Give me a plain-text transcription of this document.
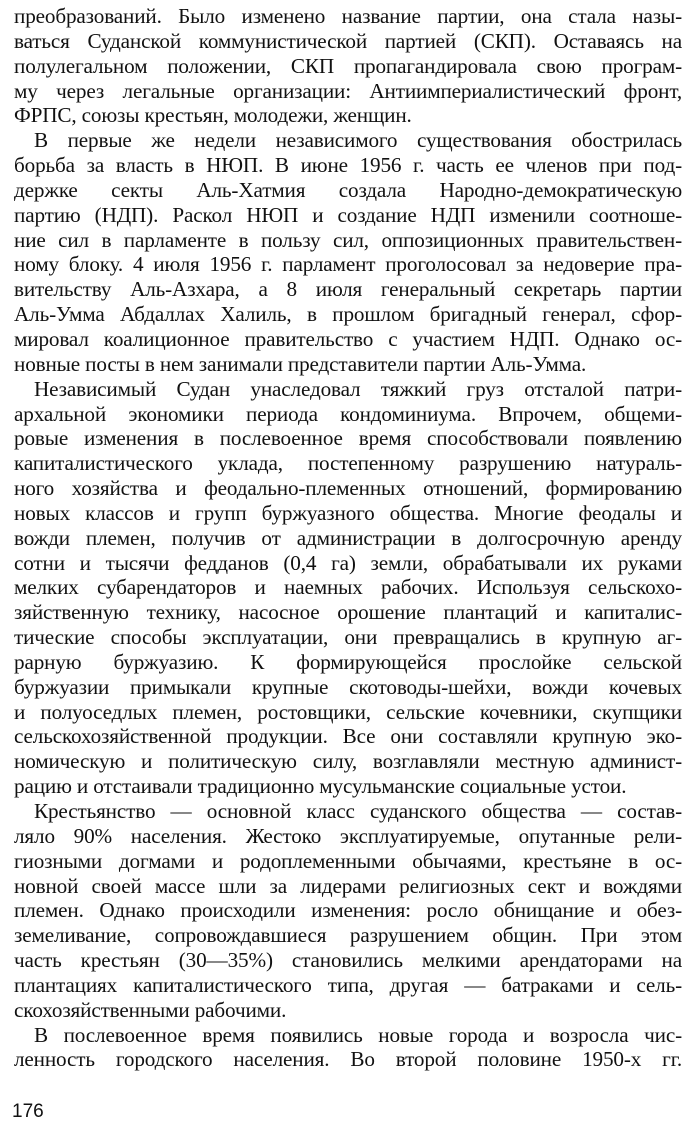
преобразований. Было изменено название партии, она стала назы-
ваться Суданской коммунистической партией (СКП). Оставаясь на
полулегальном положении, СКП пропагандировала свою програм-
му через легальные организации: Антиимпериалистический фронт,
ФРПС, союзы крестьян, молодежи, женщин.
В первые же недели независимого существования обострилась
борьба за власть в НЮП. В июне 1956 г. часть ее членов при под-
держке секты Аль-Хатмия создала Народно-демократическую
партию (НДП). Раскол НЮП и создание НДП изменили соотноше-
ние сил в парламенте в пользу сил, оппозиционных правительствен-
ному блоку. 4 июля 1956 г. парламент проголосовал за недоверие пра-
вительству Аль-Азхара, а 8 июля генеральный секретарь партии
Аль-Умма Абдаллах Халиль, в прошлом бригадный генерал, сфор-
мировал коалиционное правительство с участием НДП. Однако ос-
новные посты в нем занимали представители партии Аль-Умма.
Независимый Судан унаследовал тяжкий груз отсталой патри-
архальной экономики периода кондоминиума. Впрочем, общеми-
ровые изменения в послевоенное время способствовали появлению
капиталистического уклада, постепенному разрушению натураль-
ного хозяйства и феодально-племенных отношений, формированию
новых классов и групп буржуазного общества. Многие феодалы и
вожди племен, получив от администрации в долгосрочную аренду
сотни и тысячи федданов (0,4 га) земли, обрабатывали их руками
мелких субарендаторов и наемных рабочих. Используя сельскохо-
зяйственную технику, насосное орошение плантаций и капиталис-
тические способы эксплуатации, они превращались в крупную аг-
рарную буржуазию. К формирующейся прослойке сельской
буржуазии примыкали крупные скотоводы-шейхи, вожди кочевых
и полуоседлых племен, ростовщики, сельские кочевники, скупщики
сельскохозяйственной продукции. Все они составляли крупную эко-
номическую и политическую силу, возглавляли местную админист-
рацию и отстаивали традиционно мусульманские социальные устои.
Крестьянство — основной класс суданского общества — состав-
ляло 90% населения. Жестоко эксплуатируемые, опутанные рели-
гиозными догмами и родоплеменными обычаями, крестьяне в ос-
новной своей массе шли за лидерами религиозных сект и вождями
племен. Однако происходили изменения: росло обнищание и обез-
земеливание, сопровождавшиеся разрушением общин. При этом
часть крестьян (30—35%) становились мелкими арендаторами на
плантациях капиталистического типа, другая — батраками и сель-
скохозяйственными рабочими.
В послевоенное время появились новые города и возросла чис-
ленность городского населения. Во второй половине 1950-х гг.
176
